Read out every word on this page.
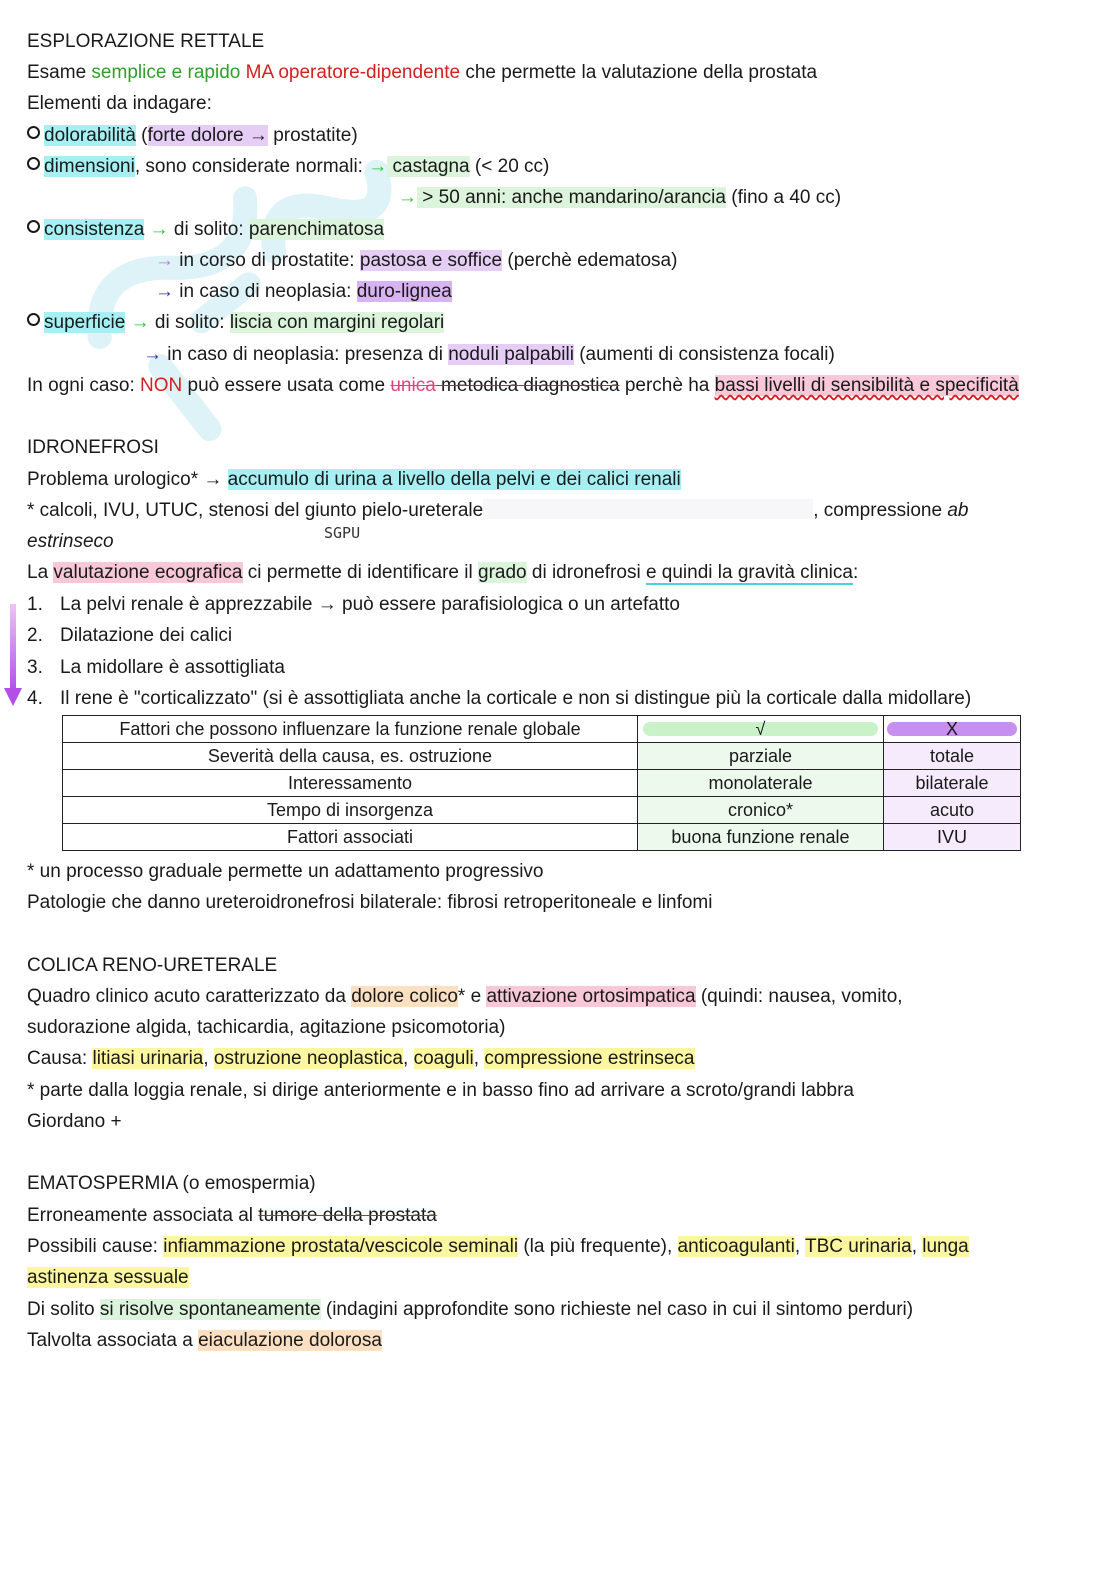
ESPLORAZIONE RETTALE
Esame semplice e rapido MA operatore-dipendente che permette la valutazione della prostata
Elementi da indagare:
dolorabilità (forte dolore → prostatite)
dimensioni, sono considerate normali: → castagna (< 20 cc)
→ > 50 anni: anche mandarino/arancia (fino a 40 cc)
consistenza → di solito: parenchimatosa
→ in corso di prostatite: pastosa e soffice (perchè edematosa)
→ in caso di neoplasia: duro-lignea
superficie → di solito: liscia con margini regolari
→ in caso di neoplasia: presenza di noduli palpabili (aumenti di consistenza focali)
In ogni caso: NON può essere usata come unica metodica diagnostica perchè ha bassi livelli di sensibilità e specificità
IDRONEFROSI
Problema urologico* → accumulo di urina a livello della pelvi e dei calici renali
* calcoli, IVU, UTUC, stenosi del giunto pielo-ureterale	, compressione ab
SGPU
estrinseco
La valutazione ecografica ci permette di identificare il grado di idronefrosi e quindi la gravità clinica:
1. La pelvi renale è apprezzabile → può essere parafisiologica o un artefatto
2. Dilatazione dei calici
3. La midollare è assottigliata
4. Il rene è "corticalizzato" (si è assottigliata anche la corticale e non si distingue più la corticale dalla midollare)
Fattori che possono influenzare la funzione renale globale	√	X
Severità della causa, es. ostruzione	parziale	totale
Interessamento	monolaterale	bilaterale
Tempo di insorgenza	cronico*	acuto
Fattori associati	buona funzione renale	IVU
* un processo graduale permette un adattamento progressivo
Patologie che danno ureteroidronefrosi bilaterale: fibrosi retroperitoneale e linfomi
COLICA RENO-URETERALE
Quadro clinico acuto caratterizzato da dolore colico* e attivazione ortosimpatica (quindi: nausea, vomito,
sudorazione algida, tachicardia, agitazione psicomotoria)
Causa: litiasi urinaria, ostruzione neoplastica, coaguli, compressione estrinseca
* parte dalla loggia renale, si dirige anteriormente e in basso fino ad arrivare a scroto/grandi labbra
Giordano +
EMATOSPERMIA (o emospermia)
Erroneamente associata al tumore della prostata
Possibili cause: infiammazione prostata/vescicole seminali (la più frequente), anticoagulanti, TBC urinaria, lunga
astinenza sessuale
Di solito si risolve spontaneamente (indagini approfondite sono richieste nel caso in cui il sintomo perduri)
Talvolta associata a eiaculazione dolorosa
